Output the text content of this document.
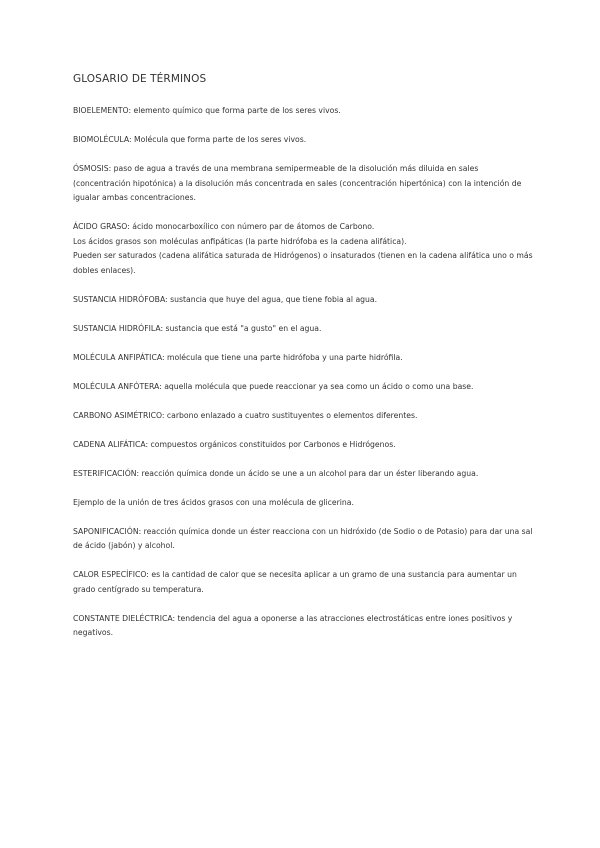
GLOSARIO DE TÉRMINOS

BIOELEMENTO: elemento químico que forma parte de los seres vivos.

BIOMOLÉCULA: Molécula que forma parte de los seres vivos.

ÓSMOSIS: paso de agua a través de una membrana semipermeable de la disolución más diluida en sales (concentración hipotónica) a la disolución más concentrada en sales (concentración hipertónica) con la intención de igualar ambas concentraciones.

ÁCIDO GRASO: ácido monocarboxílico con número par de átomos de Carbono.

Los ácidos grasos son moléculas anfipáticas (la parte hidrófoba es la cadena alifática).

Pueden ser saturados (cadena alifática saturada de Hidrógenos) o insaturados (tienen en la cadena alifática uno o más dobles enlaces).

SUSTANCIA HIDRÓFOBA: sustancia que huye del agua, que tiene fobia al agua.

SUSTANCIA HIDRÓFILA: sustancia que está "a gusto" en el agua.

MOLÉCULA ANFIPÁTICA: molécula que tiene una parte hidrófoba y una parte hidrófila.

MOLÉCULA ANFÓTERA: aquella molécula que puede reaccionar ya sea como un ácido o como una base.

CARBONO ASIMÉTRICO: carbono enlazado a cuatro sustituyentes o elementos diferentes.

CADENA ALIFÁTICA: compuestos orgánicos constituidos por Carbonos e Hidrógenos.

ESTERIFICACIÓN: reacción química donde un ácido se une a un alcohol para dar un éster liberando agua.

Ejemplo de la unión de tres ácidos grasos con una molécula de glicerina.

SAPONIFICACIÓN: reacción química donde un éster reacciona con un hidróxido (de Sodio o de Potasio) para dar una sal de ácido (jabón) y alcohol.

CALOR ESPECÍFICO: es la cantidad de calor que se necesita aplicar a un gramo de una sustancia para aumentar un grado centígrado su temperatura.

CONSTANTE DIELÉCTRICA: tendencia del agua a oponerse a las atracciones electrostáticas entre iones positivos y negativos.
